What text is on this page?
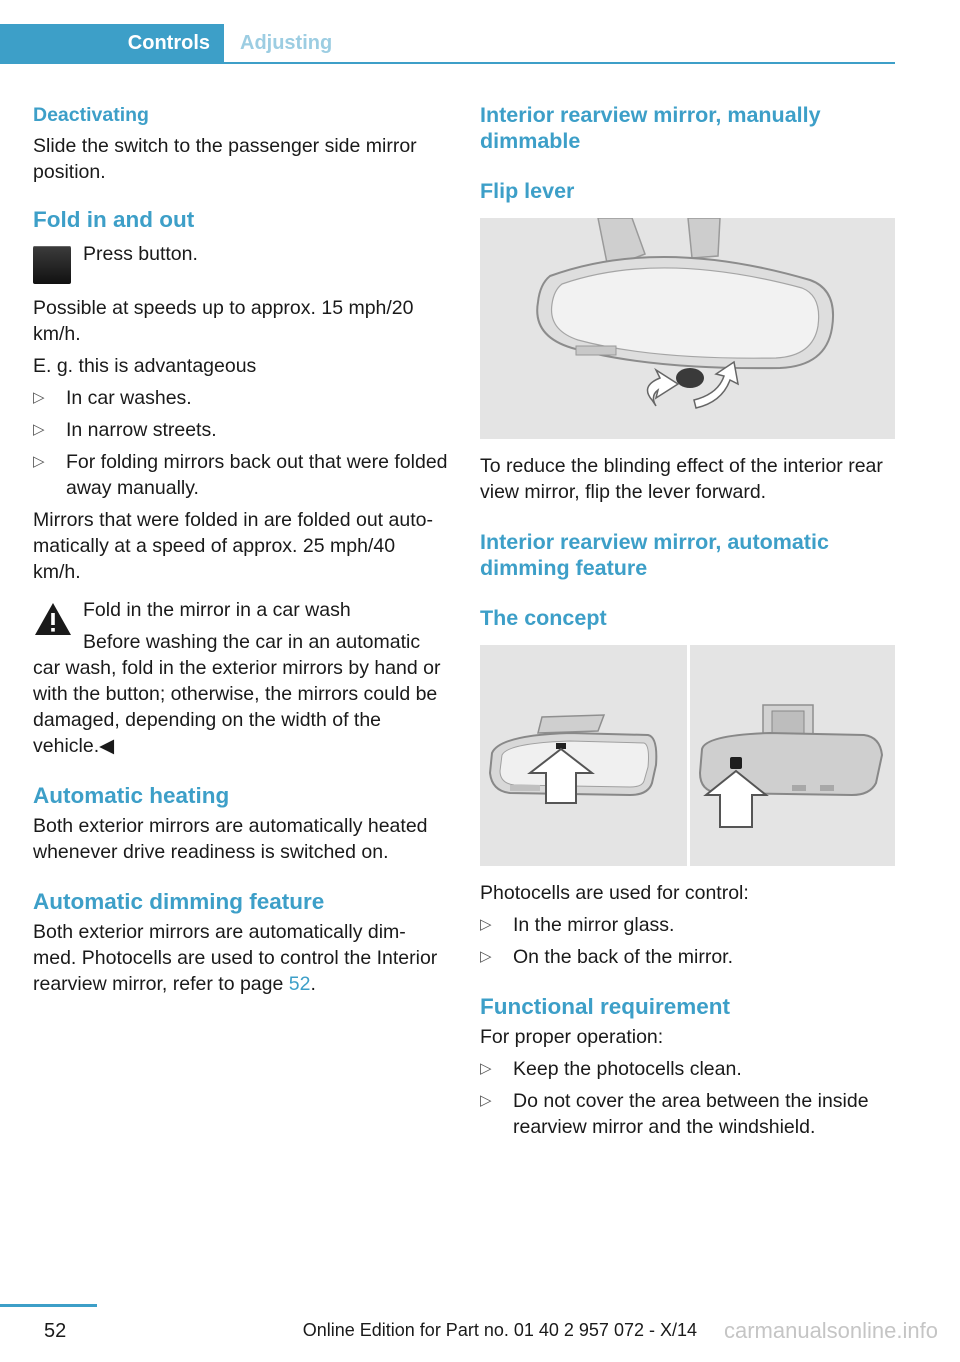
Controls Adjusting
Deactivating

Slide the switch to the passenger side mirror position.

Fold in and out

Press button.

Possible at speeds up to approx. 15 mph/20 km/h.

E. g. this is advantageous

▷ In car washes.
▷ In narrow streets.
▷ For folding mirrors back out that were folded away manually.

Mirrors that were folded in are folded out auto‐ matically at a speed of approx. 25 mph/40 km/h.

Fold in the mirror in a car wash

Before washing the car in an automatic car wash, fold in the exterior mirrors by hand or with the button; otherwise, the mirrors could be damaged, depending on the width of the vehicle.◀

Automatic heating

Both exterior mirrors are automatically heated whenever drive readiness is switched on.

Automatic dimming feature

Both exterior mirrors are automatically dim‐ med. Photocells are used to control the Interior rearview mirror, refer to page 52.

Interior rearview mirror, manually dimmable
Flip lever

To reduce the blinding effect of the interior rear view mirror, flip the lever forward.

Interior rearview mirror, automatic dimming feature
The concept

Photocells are used for control:

▷ In the mirror glass.
▷ On the back of the mirror.
Functional requirement

For proper operation:

▷ Keep the photocells clean.
▷ Do not cover the area between the inside rearview mirror and the windshield.
52	Online Edition for Part no. 01 40 2 957 072 - X/14 carmanualsonline.info
